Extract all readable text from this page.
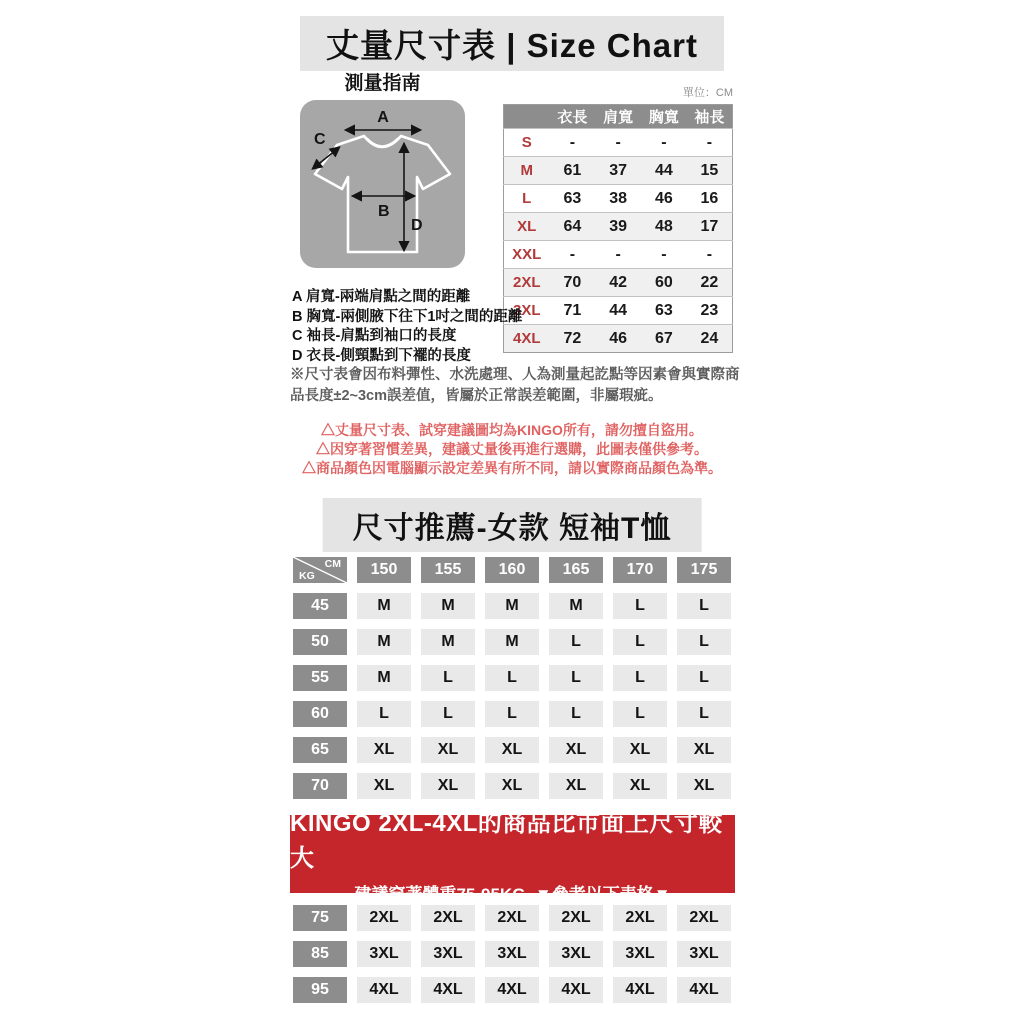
丈量尺寸表 | Size Chart
測量指南
A
C
B
D
單位：CM
	衣長	肩寬	胸寬	袖長
S	-	-	-	-
M	61	37	44	15
L	63	38	46	16
XL	64	39	48	17
XXL	-	-	-	-
2XL	70	42	60	22
3XL	71	44	63	23
4XL	72	46	67	24
A 肩寬-兩端肩點之間的距離
B 胸寬-兩側腋下往下1吋之間的距離
C 袖長-肩點到袖口的長度
D 衣長-側頸點到下襬的長度
※尺寸表會因布料彈性、水洗處理、人為測量起訖點等因素會與實際商品長度±2~3cm誤差值，皆屬於正常誤差範圍，非屬瑕疵。
△丈量尺寸表、試穿建議圖均為KINGO所有，請勿擅自盜用。
△因穿著習慣差異，建議丈量後再進行選購，此圖表僅供參考。
△商品顏色因電腦顯示設定差異有所不同，請以實際商品顏色為準。
尺寸推薦-女款 短袖T恤
CM
KG	150	155	160	165	170	175
45	M	M	M	M	L	L
50	M	M	M	L	L	L
55	M	L	L	L	L	L
60	L	L	L	L	L	L
65	XL	XL	XL	XL	XL	XL
70	XL	XL	XL	XL	XL	XL
KINGO 2XL-4XL的商品比市面上尺寸較大
建議穿著體重75-95KG  ▼參考以下表格▼
75	2XL	2XL	2XL	2XL	2XL	2XL
85	3XL	3XL	3XL	3XL	3XL	3XL
95	4XL	4XL	4XL	4XL	4XL	4XL
